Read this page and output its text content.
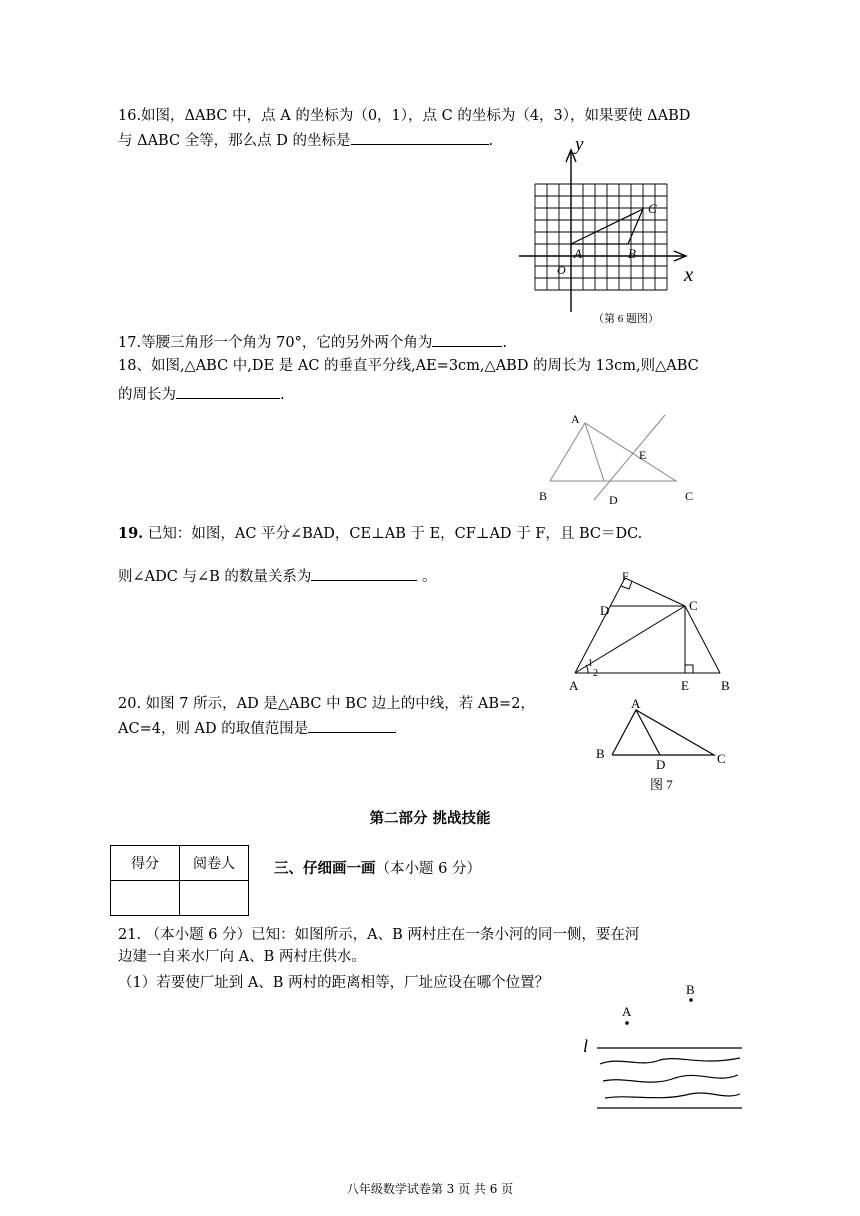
16.如图，ΔABC 中，点 A 的坐标为（0，1），点 C 的坐标为（4，3），如果要使 ΔABD
与 ΔABC 全等，那么点 D 的坐标是	.	y
x
C
A	B
O
（第 6 题图）
17.等腰三角形一个角为 70°，它的另外两个角为	.
18、如图,△ABC 中,DE 是 AC 的垂直平分线,AE=3cm,△ABD 的周长为 13cm,则△ABC
的周长为	.
A
E
B	D	C
19. 已知：如图，AC 平分∠BAD，CE⊥AB 于 E，CF⊥AD 于 F，且 BC＝DC.
则∠ADC 与∠B 的数量关系为	。	F
D	C
1
2
A	E B
20. 如图 7 所示，AD 是△ABC 中 BC 边上的中线，若 AB=2，
AC=4，则 AD 的取值范围是
A
B
D	C
图 7
第二部分 挑战技能
得分	阅卷人
		三、仔细画一画（本小题 6 分）
21. （本小题 6 分）已知：如图所示，A、B 两村庄在一条小河的同一侧，要在河
边建一自来水厂向 A、B 两村庄供水。
（1）若要使厂址到 A、B 两村的距离相等，厂址应设在哪个位置？	B
A
l
八年级数学试卷第 3 页 共 6 页
